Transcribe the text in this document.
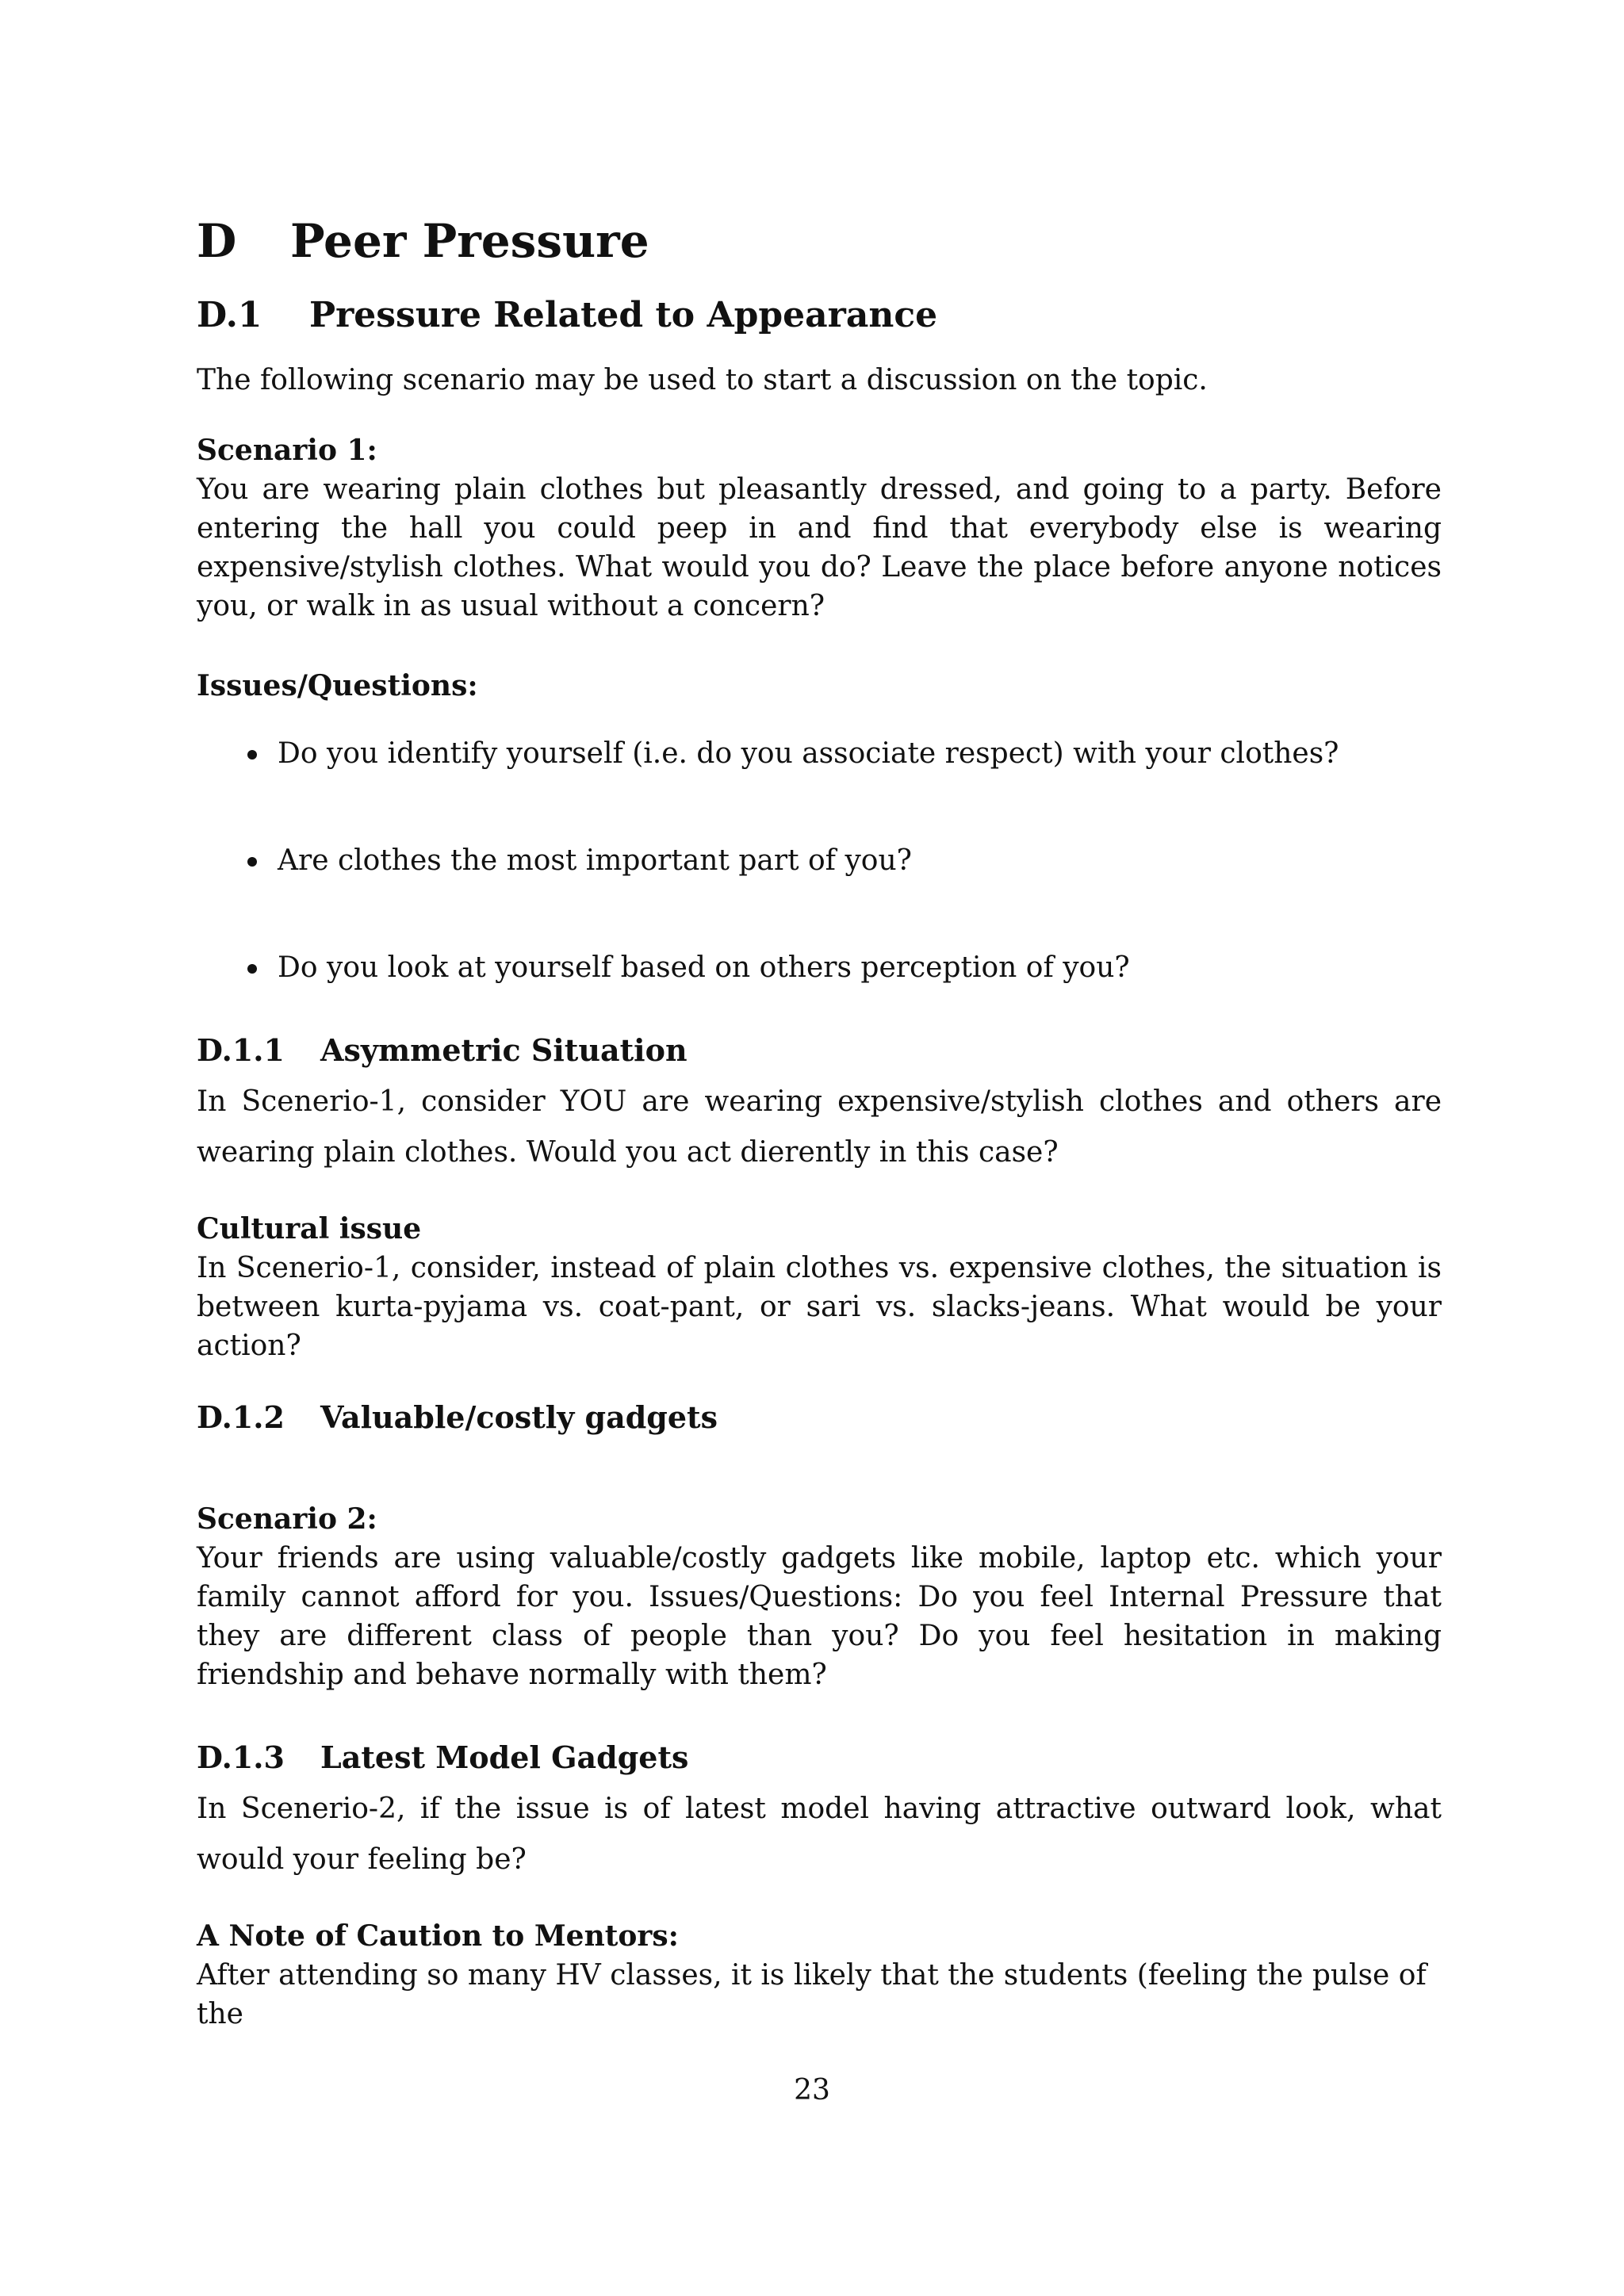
D	Peer Pressure
D.1	Pressure Related to Appearance

The following scenario may be used to start a discussion on the topic.

Scenario 1:

You are wearing plain clothes but pleasantly dressed, and going to a party. Before entering the hall you could peep in and find that everybody else is wearing expensive/stylish clothes. What would you do? Leave the place before anyone notices you, or walk in as usual without a concern?

Issues/Questions:
Do you identify yourself (i.e. do you associate respect) with your clothes?
Are clothes the most important part of you?
Do you look at yourself based on others perception of you?
D.1.1	Asymmetric Situation

In Scenerio-1, consider YOU are wearing expensive/stylish clothes and others are wearing plain clothes. Would you act dierently in this case?

Cultural issue

In Scenerio-1, consider, instead of plain clothes vs. expensive clothes, the situation is between kurta-pyjama vs. coat-pant, or sari vs. slacks-jeans. What would be your action?

D.1.2	Valuable/costly gadgets
Scenario 2:

Your friends are using valuable/costly gadgets like mobile, laptop etc. which your family cannot afford for you. Issues/Questions: Do you feel Internal Pressure that they are different class of people than you? Do you feel hesitation in making friendship and behave normally with them?

D.1.3	Latest Model Gadgets

In Scenerio-2, if the issue is of latest model having attractive outward look, what would your feeling be?

A Note of Caution to Mentors:

After attending so many HV classes, it is likely that the students (feeling the pulse of the

23
